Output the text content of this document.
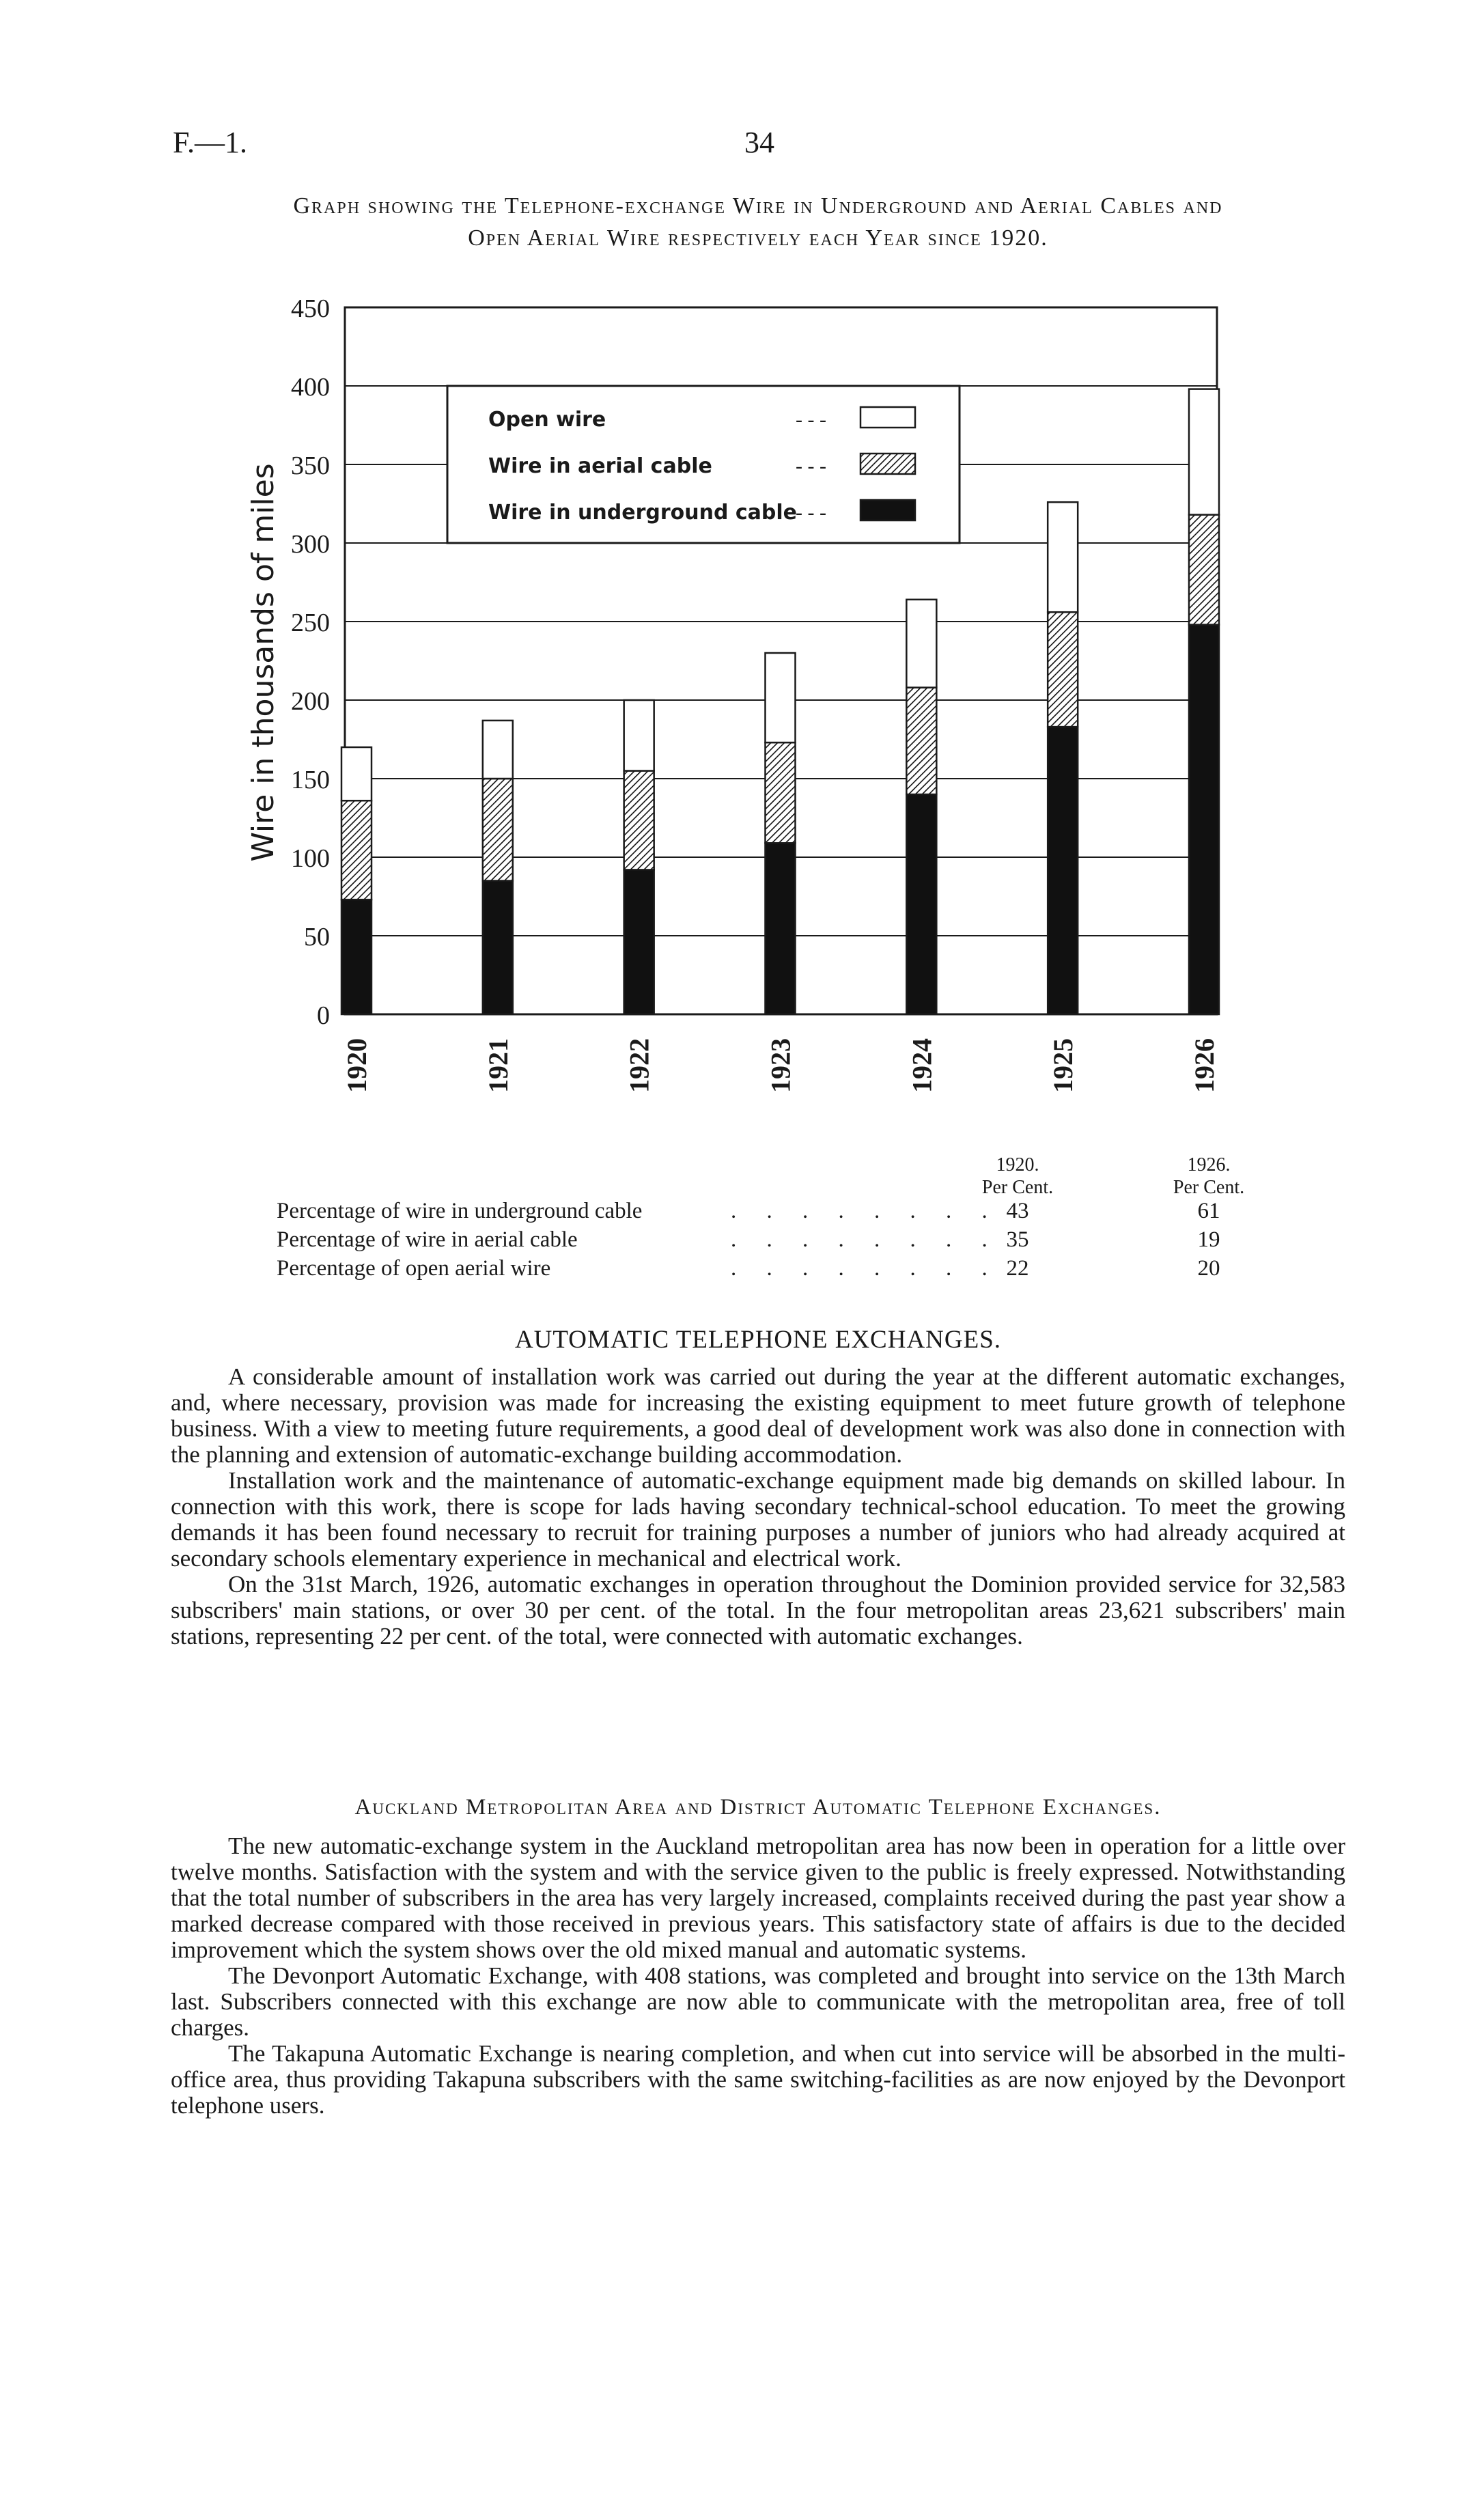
F.—1.	34
Graph showing the Telephone-exchange Wire in Underground and Aerial Cables and
Open Aerial Wire respectively each Year since 1920.
0
50
100
150
200
250
300
350
400
450
1920	1921	1922	1923	1924	1925	1926
Wire in thousands of miles
Open wire	- - -
Wire in aerial cable	- - -
Wire in underground cable
- - -
1920.
Per Cent.
1926.
Per Cent.
Percentage of wire in underground cable	. . . . . . . . 43	61
Percentage of wire in aerial cable	. . . . . . . . 35	19
Percentage of open aerial wire	. . . . . . . . 22	20
AUTOMATIC TELEPHONE EXCHANGES.

A considerable amount of installation work was carried out during the year at the different automatic exchanges, and, where necessary, provision was made for increasing the existing equipment to meet future growth of telephone business. With a view to meeting future requirements, a good deal of development work was also done in connection with the planning and extension of automatic-exchange building accommodation.

Installation work and the maintenance of automatic-exchange equipment made big demands on skilled labour. In connection with this work, there is scope for lads having secondary technical-school education. To meet the growing demands it has been found necessary to recruit for training purposes a number of juniors who had already acquired at secondary schools elementary experience in mechanical and electrical work.

On the 31st March, 1926, automatic exchanges in operation throughout the Dominion provided service for 32,583 subscribers' main stations, or over 30 per cent. of the total. In the four metropolitan areas 23,621 subscribers' main stations, representing 22 per cent. of the total, were connected with automatic exchanges.

Auckland Metropolitan Area and District Automatic Telephone Exchanges.

The new automatic-exchange system in the Auckland metropolitan area has now been in operation for a little over twelve months. Satisfaction with the system and with the service given to the public is freely expressed. Notwithstanding that the total number of subscribers in the area has very largely increased, complaints received during the past year show a marked decrease compared with those received in previous years. This satisfactory state of affairs is due to the decided improvement which the system shows over the old mixed manual and automatic systems.

The Devonport Automatic Exchange, with 408 stations, was completed and brought into service on the 13th March last. Subscribers connected with this exchange are now able to communicate with the metropolitan area, free of toll charges.

The Takapuna Automatic Exchange is nearing completion, and when cut into service will be absorbed in the multi-office area, thus providing Takapuna subscribers with the same switching-facilities as are now enjoyed by the Devonport telephone users.
